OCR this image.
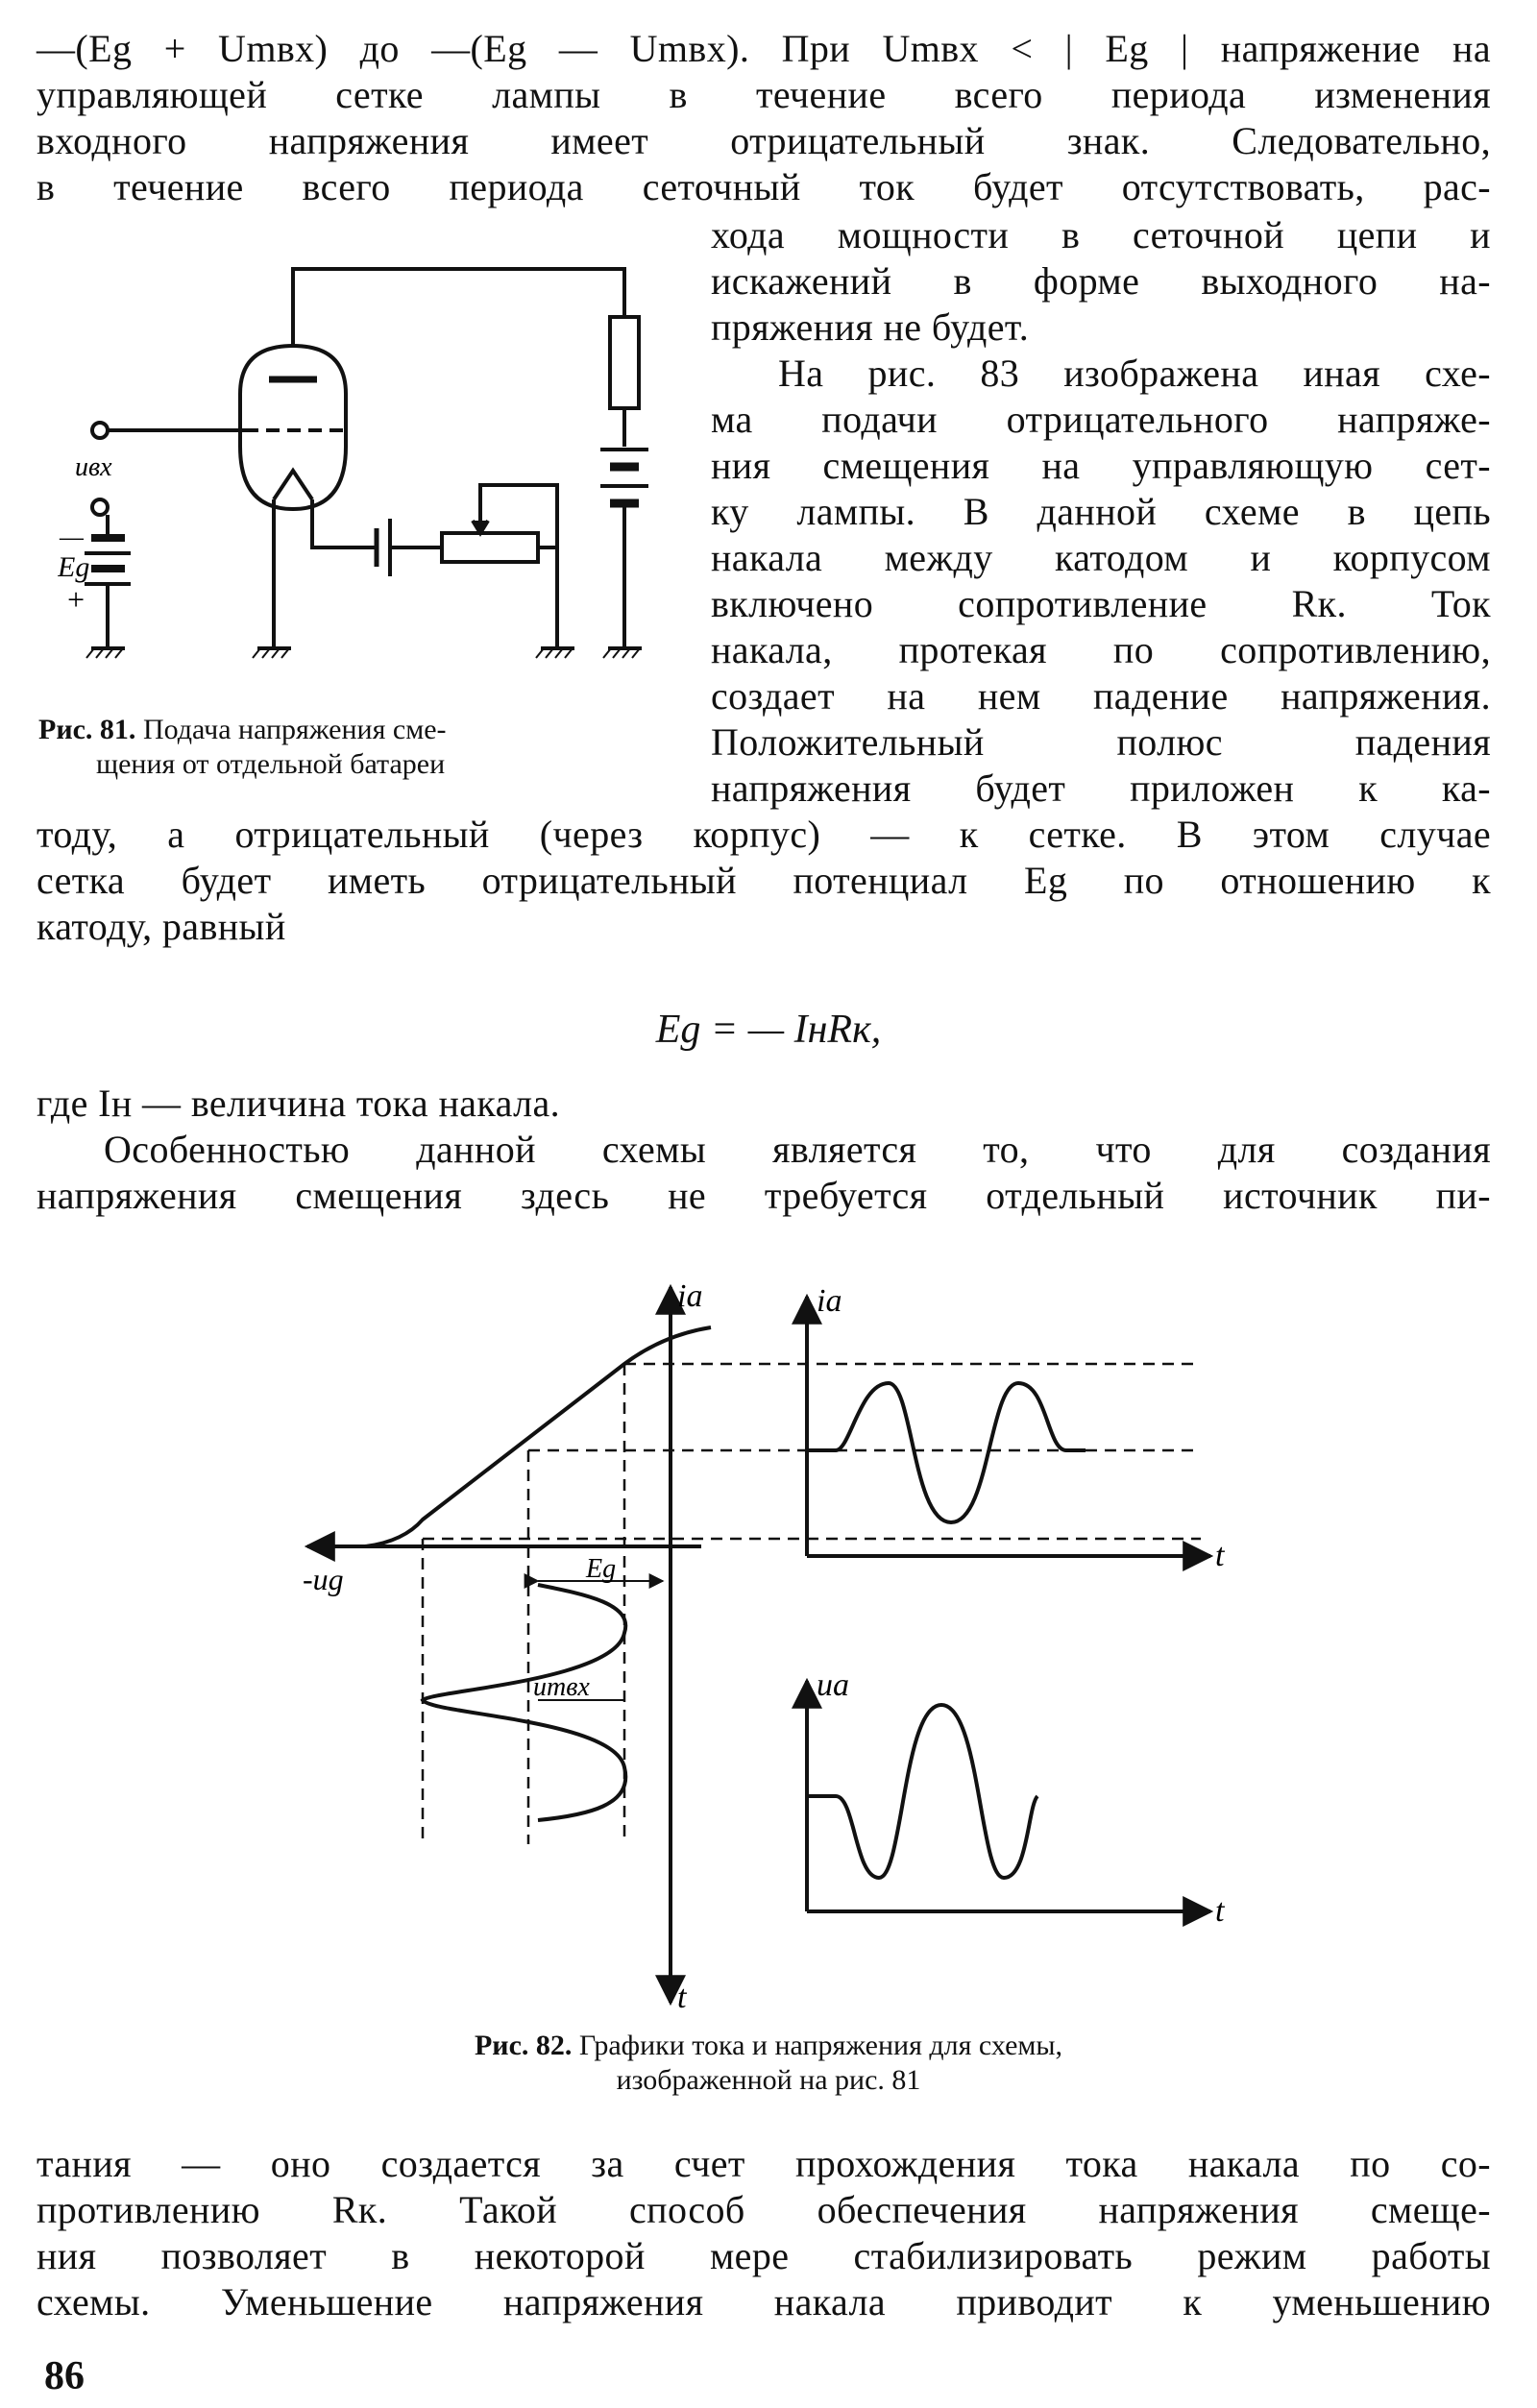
—(Eg + Umвх) до —(Eg — Umвх). При Umвх < | Eg | напряжение на
управляющей сетке лампы в течение всего периода изменения
входного напряжения имеет отрицательный знак. Следовательно,
в течение всего периода сеточный ток будет отсутствовать, рас-
хода мощности в сеточной цепи и
искажений в форме выходного на-
пряжения не будет.
На рис. 83 изображена иная схе-
ма подачи отрицательного напряже-
ния смещения на управляющую сет-
ку лампы. В данной схеме в цепь
накала между катодом и корпусом
включено сопротивление Rк. Ток
накала, протекая по сопротивлению,
создает на нем падение напряжения.
Положительный полюс падения
напряжения будет приложен к ка-
uвх
—
Eg
+
Рис. 81. Подача напряжения сме-
щения от отдельной батареи
тоду, а отрицательный (через корпус) — к сетке. В этом случае
сетка будет иметь отрицательный потенциал Eg по отношению к
катоду, равный
Eg = — IнRк,
где Iн — величина тока накала.
Особенностью данной схемы является то, что для создания
напряжения смещения здесь не требуется отдельный источник пи-
ia	ia
ua
t
t
t
-ug	Eg
umвх
Рис. 82. Графики тока и напряжения для схемы,
изображенной на рис. 81
тания — оно создается за счет прохождения тока накала по со-
противлению Rк. Такой способ обеспечения напряжения смеще-
ния позволяет в некоторой мере стабилизировать режим работы
схемы. Уменьшение напряжения накала приводит к уменьшению
86
